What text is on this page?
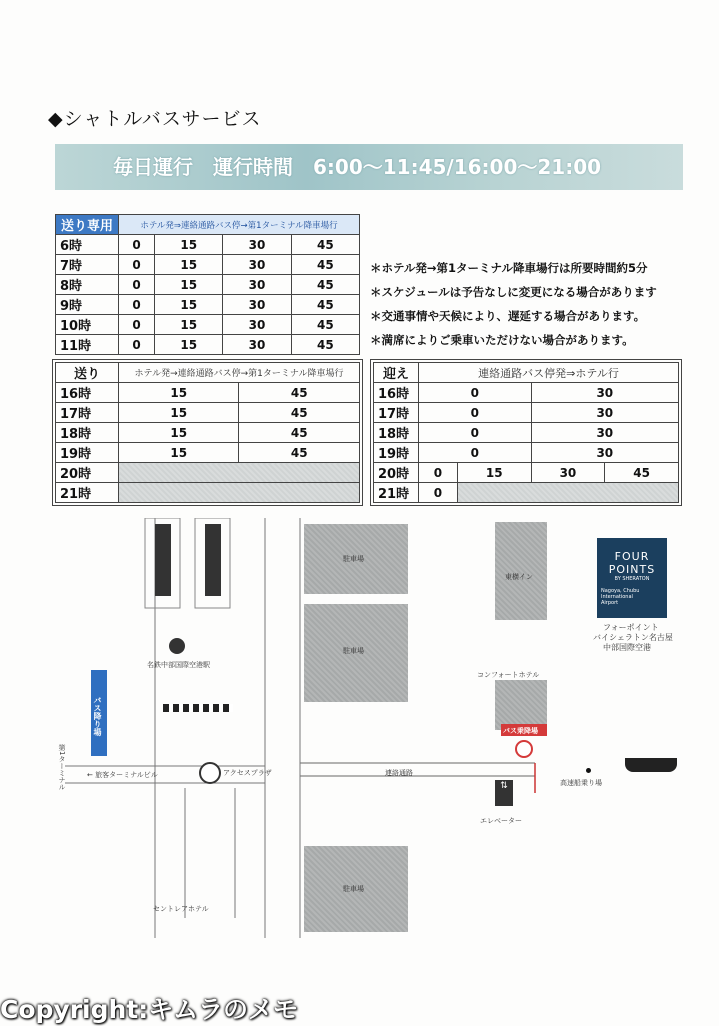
◆シャトルバスサービス
毎日運行　運行時間　6:00〜11:45/16:00〜21:00
送り専用	ホテル発⇒連絡通路バス停→第1ターミナル降車場行			
6時	0	15	30	45
7時	0	15	30	45
8時	0	15	30	45
9時	0	15	30	45
10時	0	15	30	45
11時	0	15	30	45
＊ホテル発→第1ターミナル降車場行は所要時間約5分
＊スケジュールは予告なしに変更になる場合があります
＊交通事情や天候により、遅延する場合があります。
＊満席によりご乗車いただけない場合があります。
送り	ホテル発→連絡通路バス停→第1ターミナル降車場行	
16時	15	45
17時	15	45
18時	15	45
19時	15	45
20時		
21時		
迎え	連絡通路バス停発⇒ホテル行			
16時	0		30	
17時	0		30	
18時	0		30	
19時	0		30	
20時	0	15	30	45
21時	0			
駐車場
駐車場
駐車場
東横イン
コンフォートホテル
バス降り場
第1ターミナル	← 旅客ターミナルビル
名鉄中部国際空港駅
アクセスプラザ	連絡通路
バス乗降場
⇅
エレベーター
高速船乗り場
セントレアホテル
フォーポイント
バイシェラトン名古屋
中部国際空港
FOUR
POINTS
BY SHERATON
Nagoya, Chubu
International
Airport
Copyright:キムラのメモ
